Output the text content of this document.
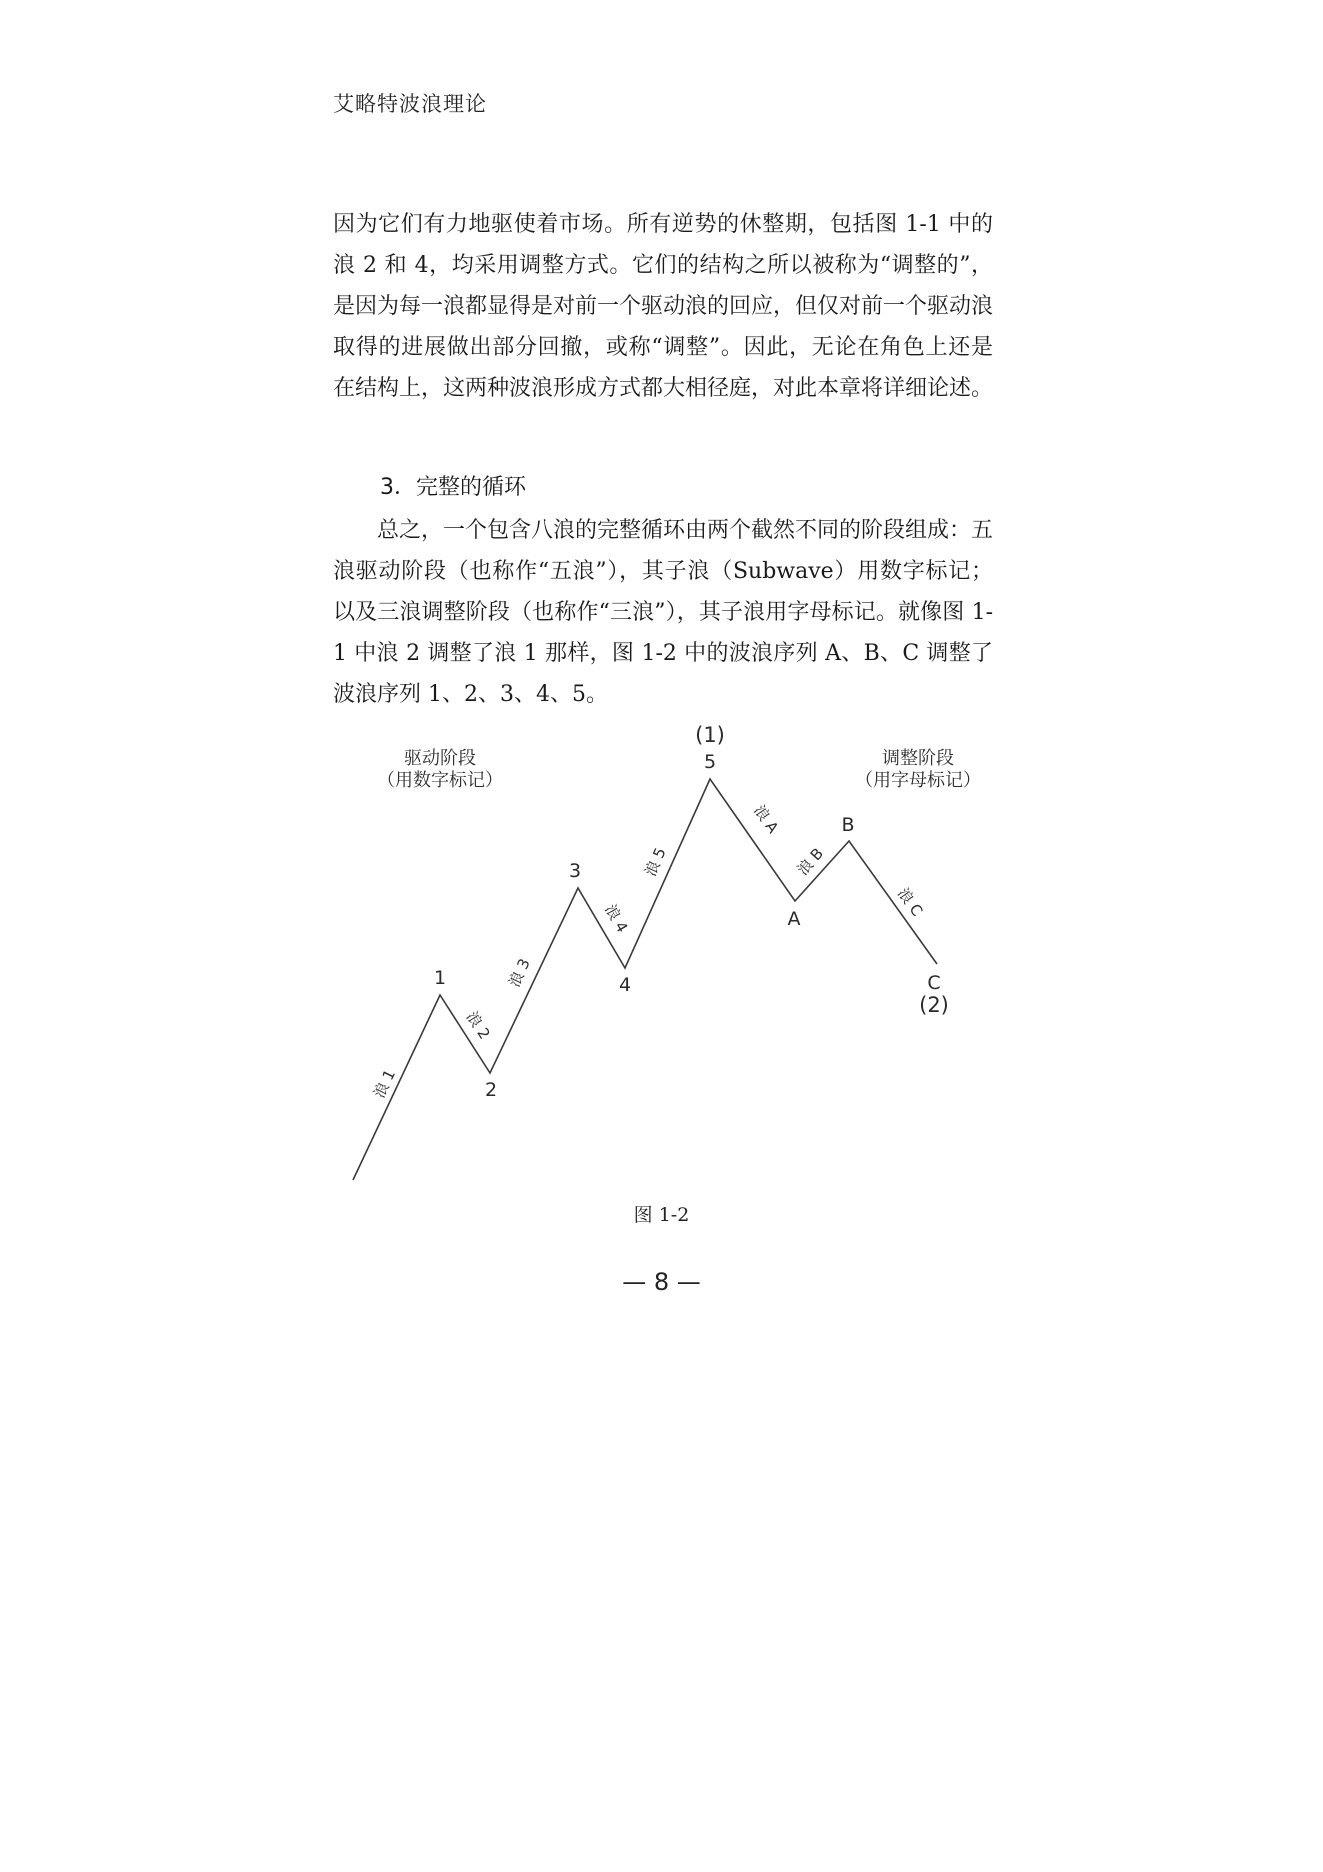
艾略特波浪理论
因为它们有力地驱使着市场。所有逆势的休整期，包括图 1-1 中的浪 2 和 4，均采用调整方式。它们的结构之所以被称为“调整的”，是因为每一浪都显得是对前一个驱动浪的回应，但仅对前一个驱动浪取得的进展做出部分回撤，或称“调整”。因此，无论在角色上还是在结构上，这两种波浪形成方式都大相径庭，对此本章将详细论述。
3．完整的循环
总之，一个包含八浪的完整循环由两个截然不同的阶段组成：五浪驱动阶段（也称作“五浪”），其子浪（Subwave）用数字标记；以及三浪调整阶段（也称作“三浪”），其子浪用字母标记。就像图 1-1 中浪 2 调整了浪 1 那样，图 1-2 中的波浪序列 A、B、C 调整了波浪序列 1、2、3、4、5。
驱动阶段
（用数字标记）
调整阶段
（用字母标记）
1
2
3
4
5
(1)
A
B
C
(2)
浪 1
浪 2
浪 3
浪 4
浪 5
浪 A
浪 B
浪 C
图 1-2
— 8 —
